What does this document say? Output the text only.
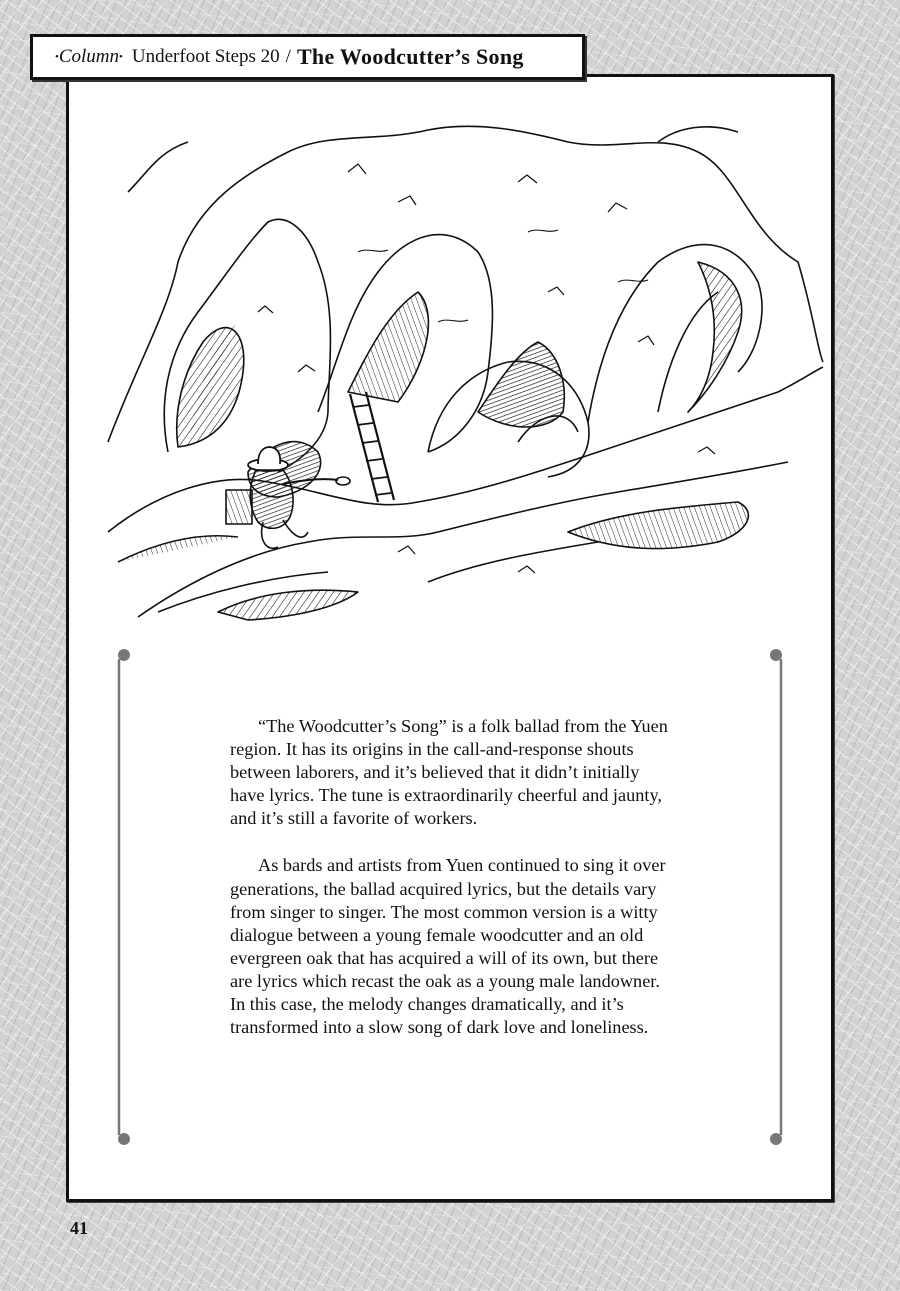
•Column• Underfoot Steps 20 / The Woodcutter’s Song

“The Woodcutter’s Song” is a folk ballad from the Yuen region. It has its origins in the call-and-response shouts between laborers, and it’s believed that it didn’t initially have lyrics. The tune is extraordinarily cheerful and jaunty, and it’s still a favorite of workers.

As bards and artists from Yuen continued to sing it over generations, the ballad acquired lyrics, but the details vary from singer to singer. The most common version is a witty dialogue between a young female woodcutter and an old evergreen oak that has acquired a will of its own, but there are lyrics which recast the oak as a young male landowner. In this case, the melody changes dramatically, and it’s transformed into a slow song of dark love and loneliness.

41
